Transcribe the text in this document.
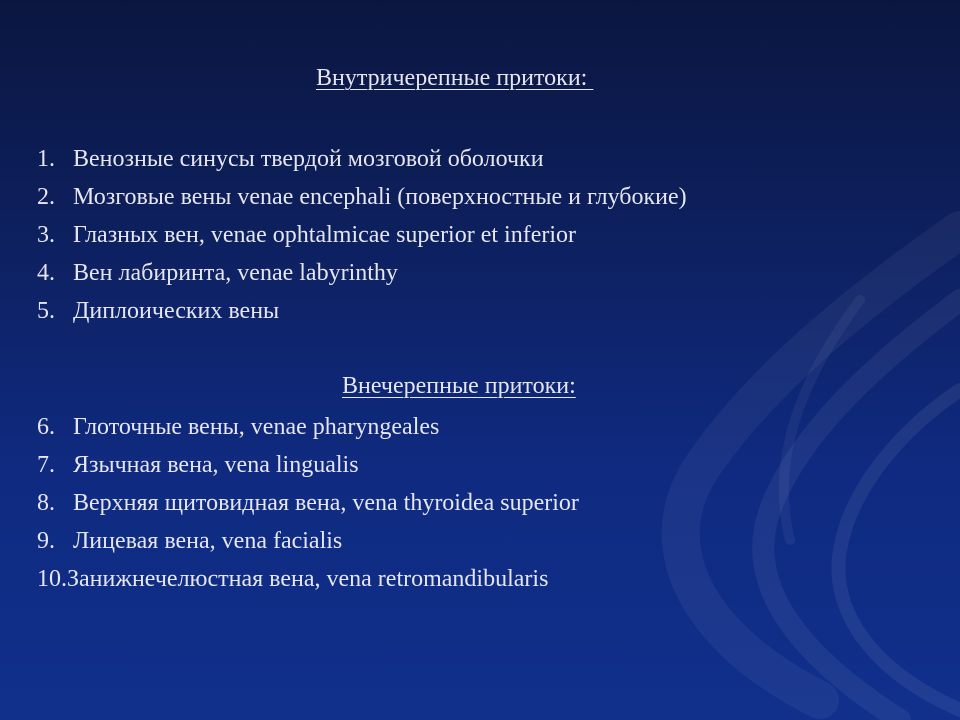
Внутричерепные притоки:
1. Венозные синусы твердой мозговой оболочки
2. Мозговые вены venae encephali (поверхностные и глубокие)
3. Глазных вен, venae ophtalmicae superior et inferior
4. Вен лабиринта, venae labyrinthy
5. Диплоических вены
Внечерепные притоки:
6. Глоточные вены, venae pharyngeales
7. Язычная вена, vena lingualis
8. Верхняя щитовидная вена, vena thyroidea superior
9. Лицевая вена, vena facialis
10. Занижнечелюстная вена, vena retromandibularis
